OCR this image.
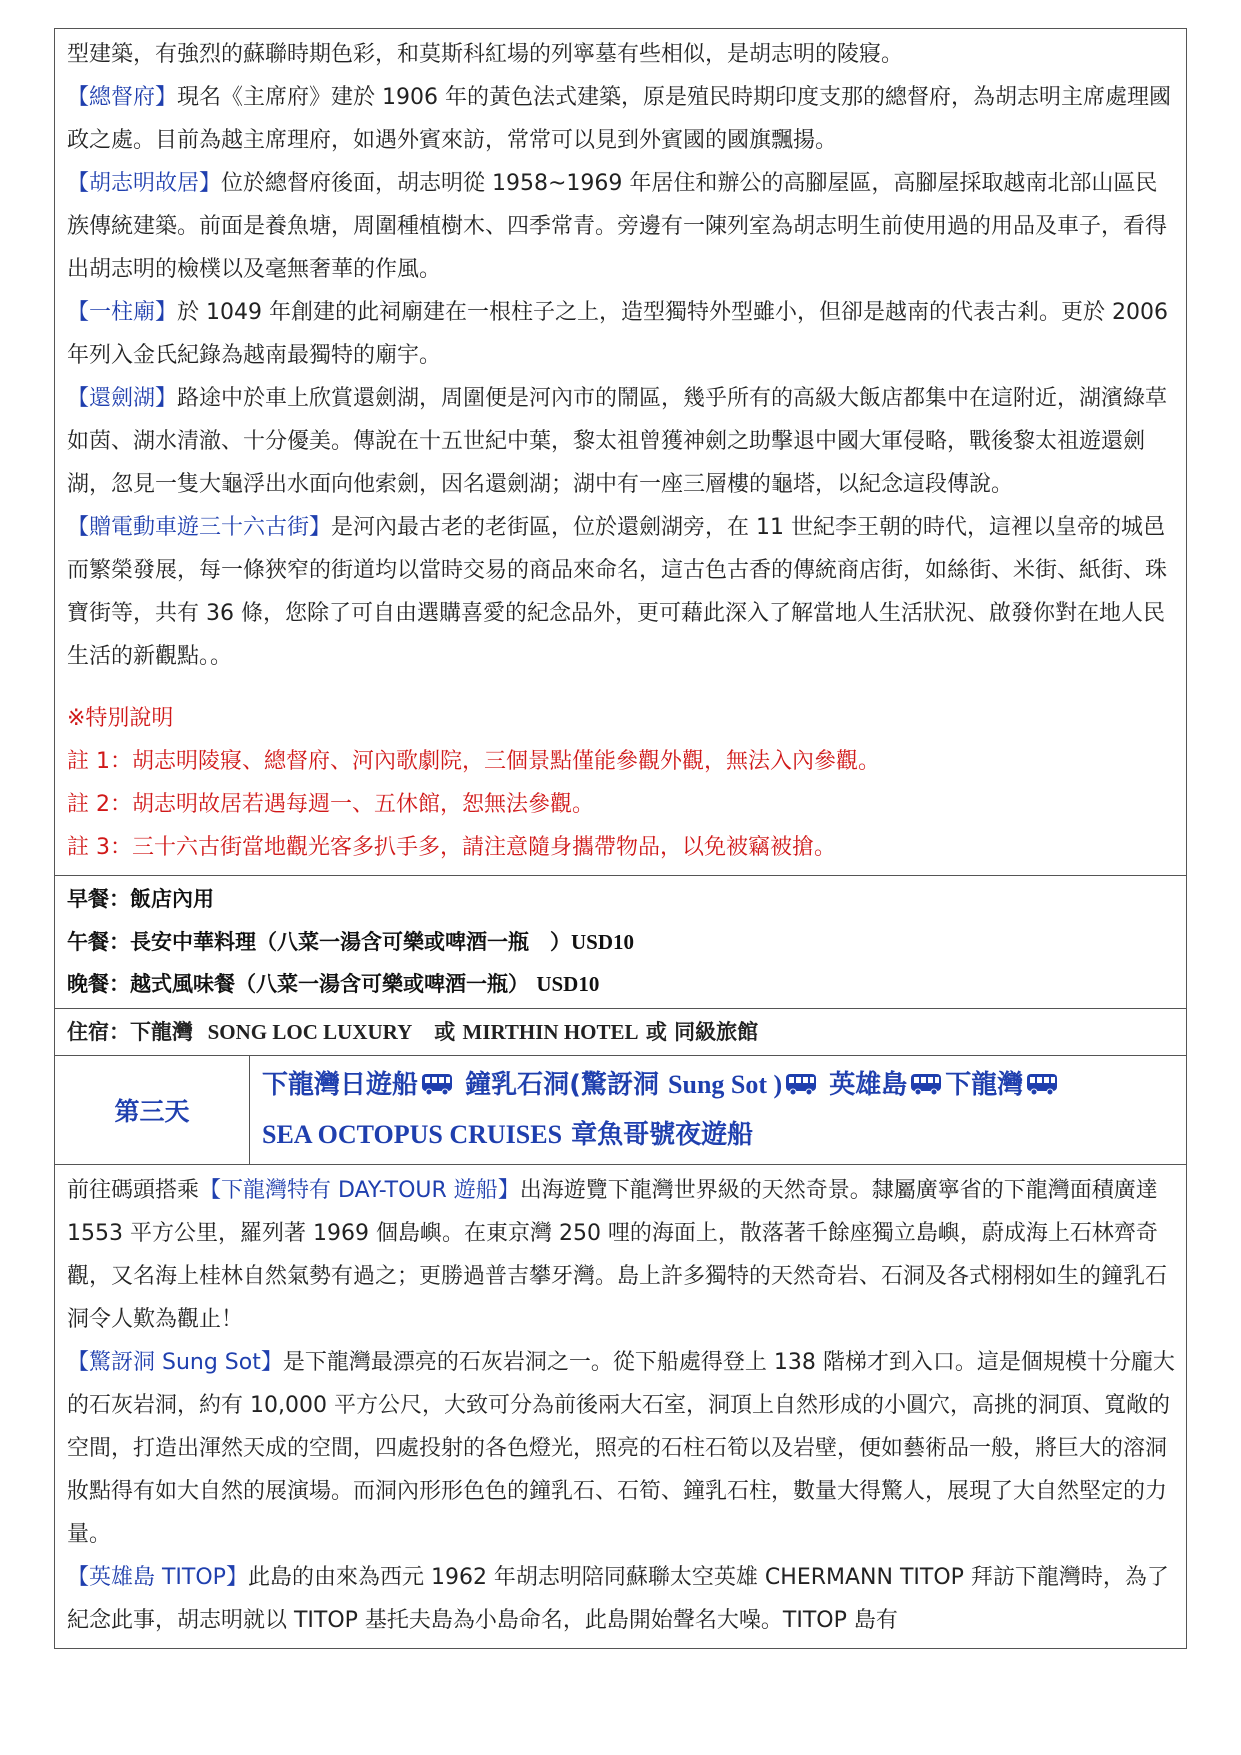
型建築，有強烈的蘇聯時期色彩，和莫斯科紅場的列寧墓有些相似，是胡志明的陵寢。

【總督府】現名《主席府》建於 1906 年的黃色法式建築，原是殖民時期印度支那的總督府，為胡志明主席處理國政之處。目前為越主席理府，如遇外賓來訪，常常可以見到外賓國的國旗飄揚。

【胡志明故居】位於總督府後面，胡志明從 1958~1969 年居住和辦公的高腳屋區，高腳屋採取越南北部山區民族傳統建築。前面是養魚塘，周圍種植樹木、四季常青。旁邊有一陳列室為胡志明生前使用過的用品及車子，看得出胡志明的檢樸以及毫無奢華的作風。

【一柱廟】於 1049 年創建的此祠廟建在一根柱子之上，造型獨特外型雖小，但卻是越南的代表古剎。更於 2006 年列入金氏紀錄為越南最獨特的廟宇。

【還劍湖】路途中於車上欣賞還劍湖，周圍便是河內市的鬧區，幾乎所有的高級大飯店都集中在這附近，湖濱綠草如茵、湖水清澈、十分優美。傳說在十五世紀中葉，黎太祖曾獲神劍之助擊退中國大軍侵略，戰後黎太祖遊還劍湖，忽見一隻大龜浮出水面向他索劍，因名還劍湖；湖中有一座三層樓的龜塔，以紀念這段傳說。

【贈電動車遊三十六古街】是河內最古老的老街區，位於還劍湖旁，在 11 世紀李王朝的時代，這裡以皇帝的城邑而繁榮發展，每一條狹窄的街道均以當時交易的商品來命名，這古色古香的傳統商店街，如絲街、米街、紙街、珠寶街等，共有 36 條，您除了可自由選購喜愛的紀念品外，更可藉此深入了解當地人生活狀況、啟發你對在地人民生活的新觀點。。

※特別說明

註 1：胡志明陵寢、總督府、河內歌劇院，三個景點僅能參觀外觀，無法入內參觀。

註 2：胡志明故居若遇每週一、五休館，恕無法參觀。

註 3：三十六古街當地觀光客多扒手多，請注意隨身攜帶物品，以免被竊被搶。

早餐：飯店內用
午餐：長安中華料理（八菜一湯含可樂或啤酒一瓶　）USD10
晚餐：越式風味餐（八菜一湯含可樂或啤酒一瓶） USD10
住宿：下龍灣 SONG LOC LUXURY 或 MIRTHIN HOTEL 或 同級旅館
第三天
下龍灣日遊船 鐘乳石洞(驚訝洞 Sung Sot ) 英雄島 下龍灣
SEA OCTOPUS CRUISES 章魚哥號夜遊船

前往碼頭搭乘【下龍灣特有 DAY-TOUR 遊船】出海遊覽下龍灣世界級的天然奇景。隸屬廣寧省的下龍灣面積廣達 1553 平方公里，羅列著 1969 個島嶼。在東京灣 250 哩的海面上，散落著千餘座獨立島嶼，蔚成海上石林齊奇觀，又名海上桂林自然氣勢有過之；更勝過普吉攀牙灣。島上許多獨特的天然奇岩、石洞及各式栩栩如生的鐘乳石洞令人歎為觀止！

【驚訝洞 Sung Sot】是下龍灣最漂亮的石灰岩洞之一。從下船處得登上 138 階梯才到入口。這是個規模十分龐大的石灰岩洞，約有 10,000 平方公尺，大致可分為前後兩大石室，洞頂上自然形成的小圓穴，高挑的洞頂、寬敞的空間，打造出渾然天成的空間，四處投射的各色燈光，照亮的石柱石筍以及岩壁，便如藝術品一般，將巨大的溶洞妝點得有如大自然的展演場。而洞內形形色色的鐘乳石、石筍、鐘乳石柱，數量大得驚人，展現了大自然堅定的力量。

【英雄島 TITOP】此島的由來為西元 1962 年胡志明陪同蘇聯太空英雄 CHERMANN TITOP 拜訪下龍灣時，為了紀念此事，胡志明就以 TITOP 基托夫島為小島命名，此島開始聲名大噪。TITOP 島有
